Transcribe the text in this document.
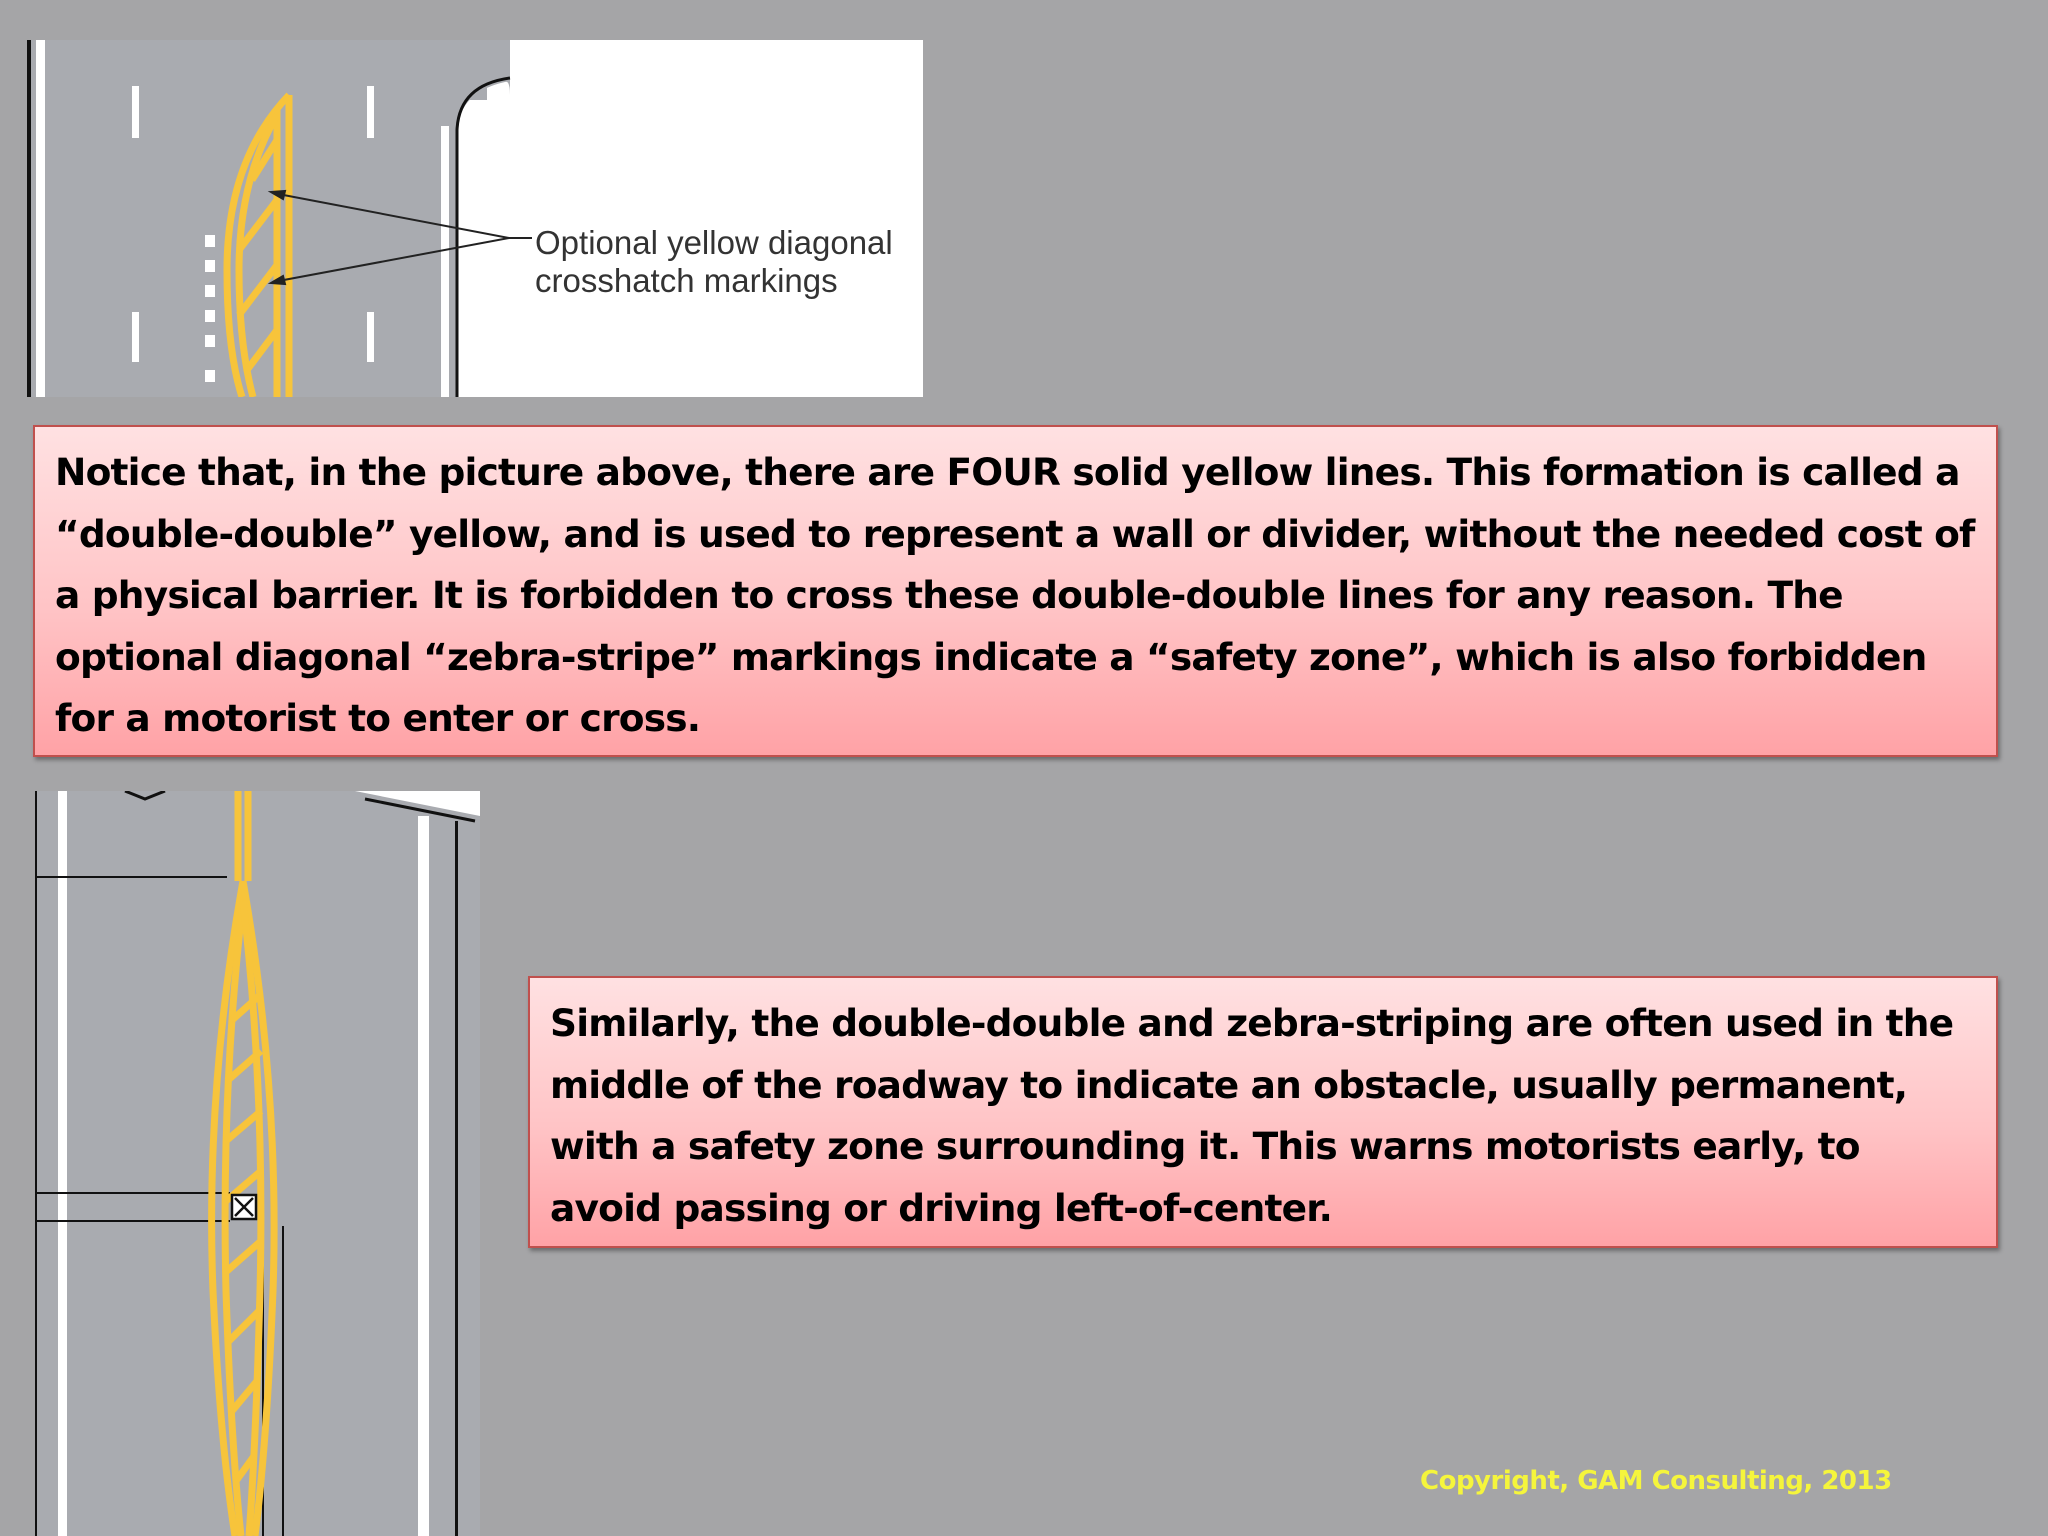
Optional yellow diagonal
crosshatch markings
Notice that, in the picture above, there are FOUR solid yellow lines. This formation is called a “double-double” yellow, and is used to represent a wall or divider, without the needed cost of a physical barrier. It is forbidden to cross these double-double lines for any reason. The optional diagonal “zebra-stripe” markings indicate a “safety zone”, which is also forbidden for a motorist to enter or cross.
Similarly, the double-double and zebra-striping are often used in the middle of the roadway to indicate an obstacle, usually permanent, with a safety zone surrounding it. This warns motorists early, to avoid passing or driving left-of-center.
Copyright, GAM Consulting, 2013
